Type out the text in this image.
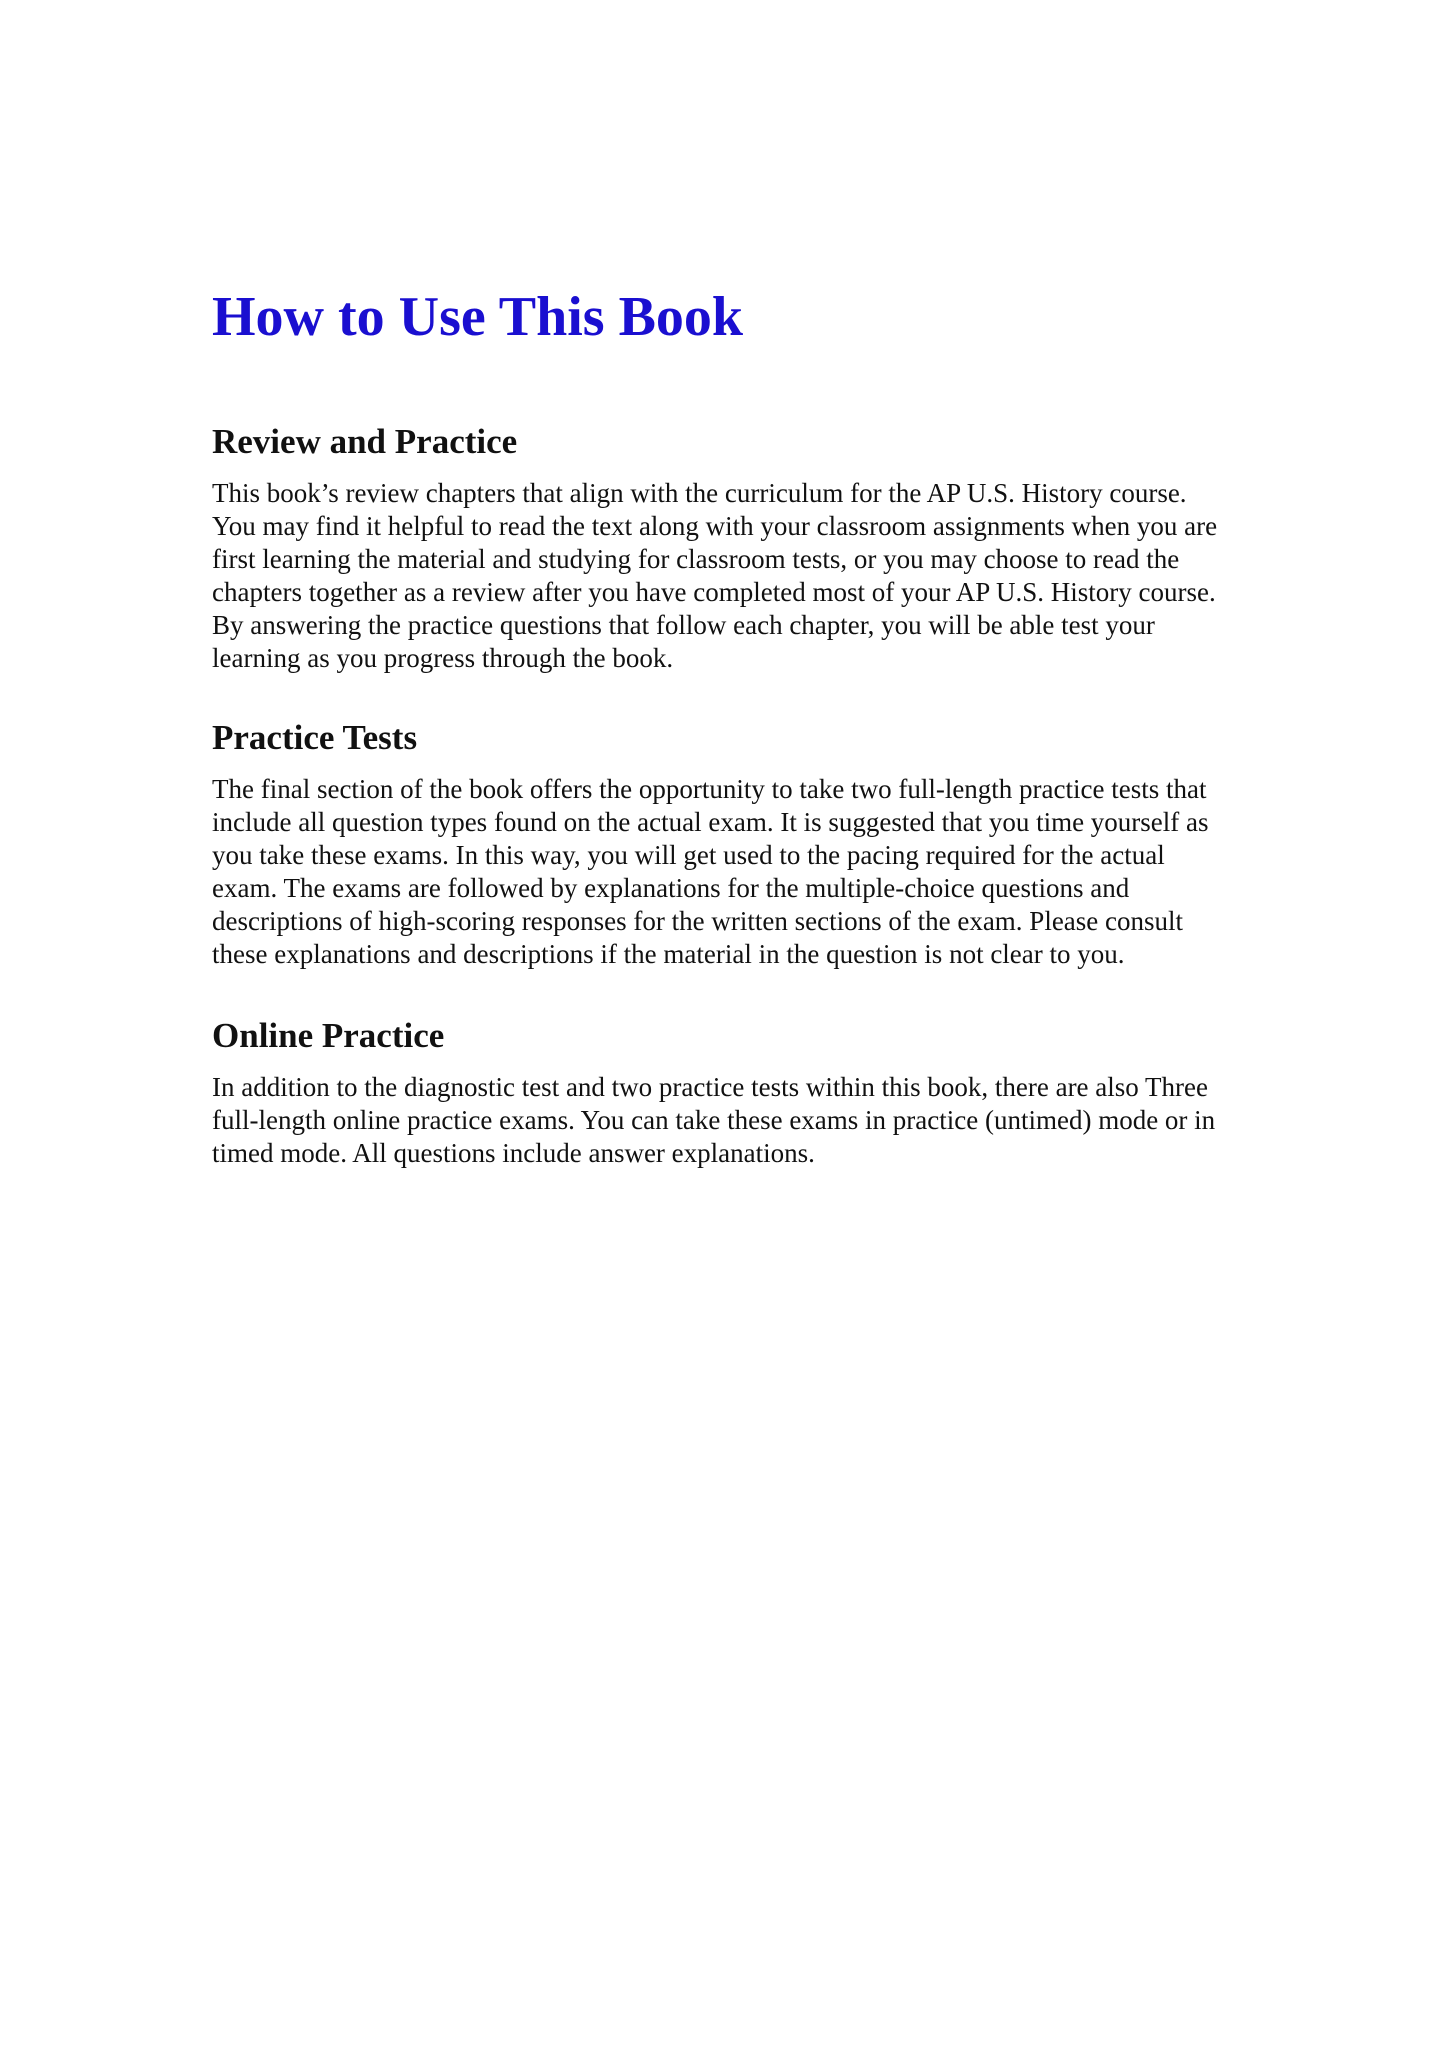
How to Use This Book
Review and Practice
This book’s review chapters that align with the curriculum for the AP U.S. History course.
You may find it helpful to read the text along with your classroom assignments when you are
first learning the material and studying for classroom tests, or you may choose to read the
chapters together as a review after you have completed most of your AP U.S. History course.
By answering the practice questions that follow each chapter, you will be able test your
learning as you progress through the book.
Practice Tests
The final section of the book offers the opportunity to take two full-length practice tests that
include all question types found on the actual exam. It is suggested that you time yourself as
you take these exams. In this way, you will get used to the pacing required for the actual
exam. The exams are followed by explanations for the multiple-choice questions and
descriptions of high-scoring responses for the written sections of the exam. Please consult
these explanations and descriptions if the material in the question is not clear to you.
Online Practice
In addition to the diagnostic test and two practice tests within this book, there are also Three
full-length online practice exams. You can take these exams in practice (untimed) mode or in
timed mode. All questions include answer explanations.
